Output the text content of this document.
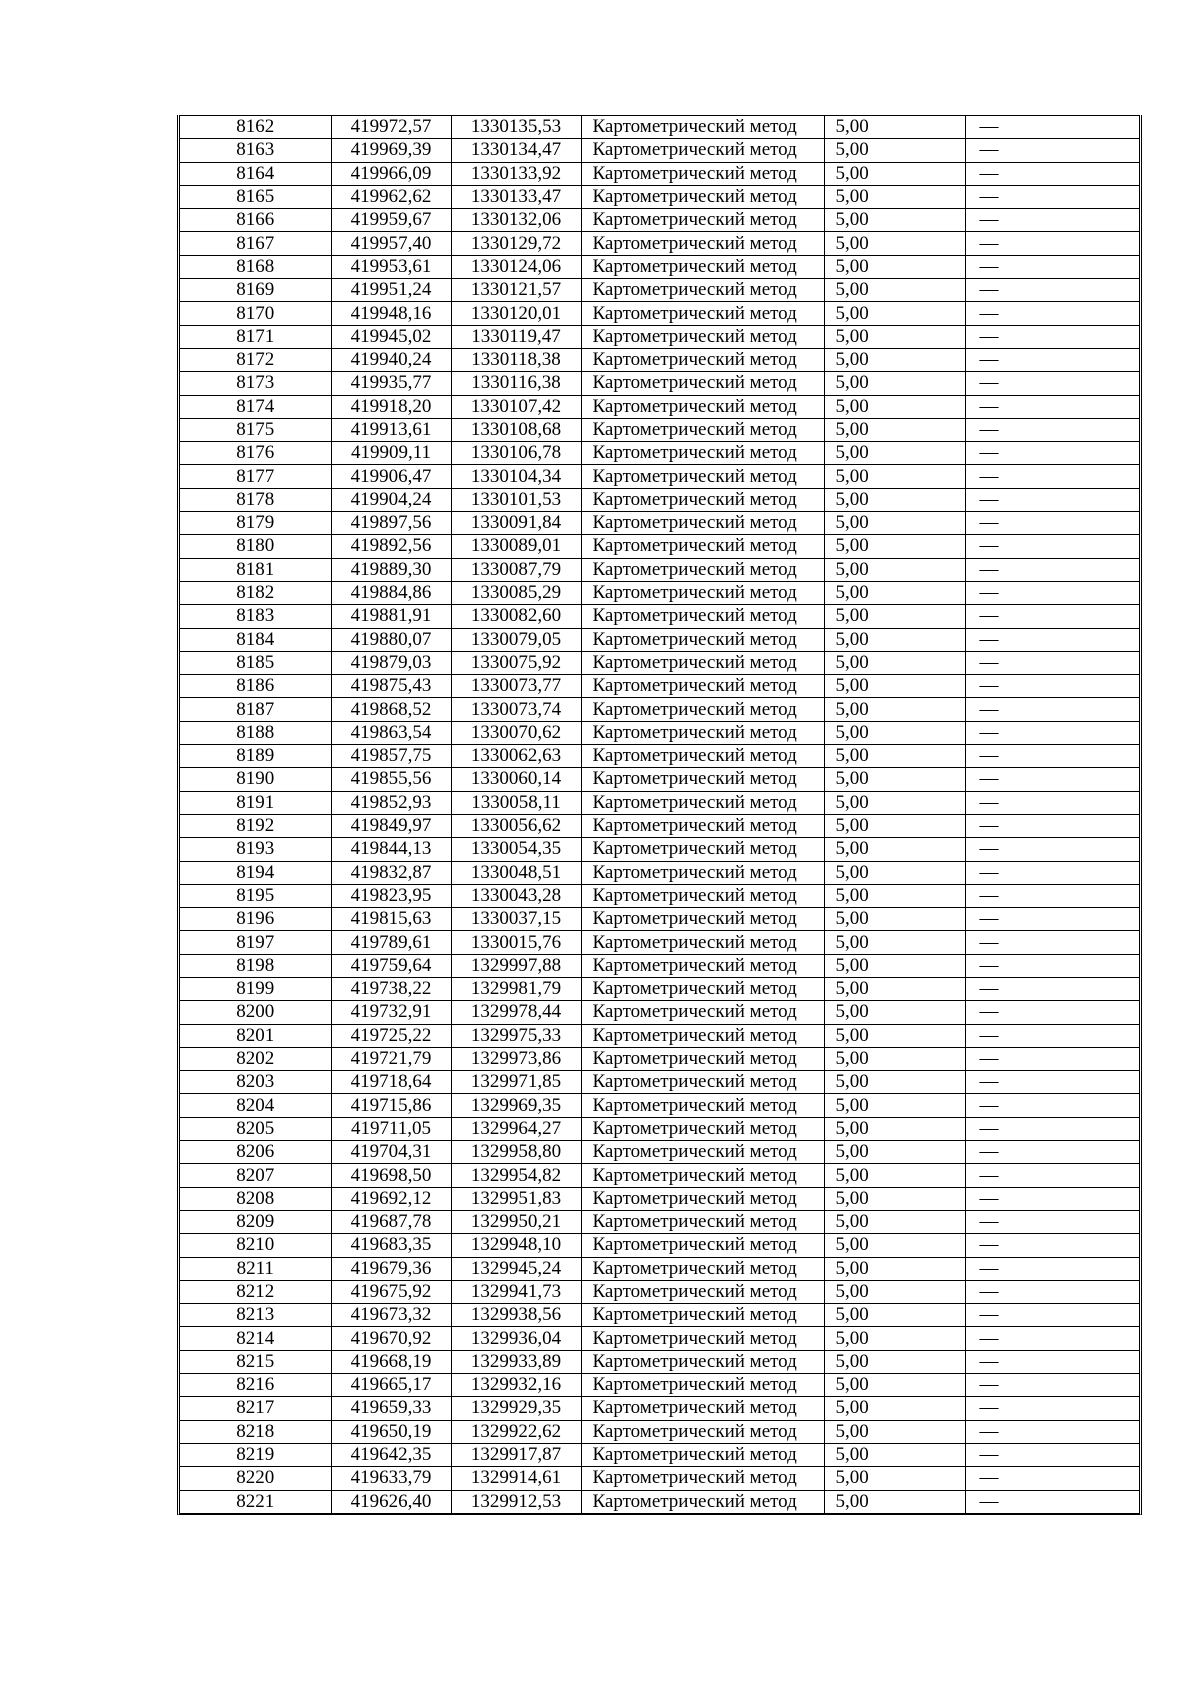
8162	419972,57	1330135,53	Картометрический метод	5,00	—
8163	419969,39	1330134,47	Картометрический метод	5,00	—
8164	419966,09	1330133,92	Картометрический метод	5,00	—
8165	419962,62	1330133,47	Картометрический метод	5,00	—
8166	419959,67	1330132,06	Картометрический метод	5,00	—
8167	419957,40	1330129,72	Картометрический метод	5,00	—
8168	419953,61	1330124,06	Картометрический метод	5,00	—
8169	419951,24	1330121,57	Картометрический метод	5,00	—
8170	419948,16	1330120,01	Картометрический метод	5,00	—
8171	419945,02	1330119,47	Картометрический метод	5,00	—
8172	419940,24	1330118,38	Картометрический метод	5,00	—
8173	419935,77	1330116,38	Картометрический метод	5,00	—
8174	419918,20	1330107,42	Картометрический метод	5,00	—
8175	419913,61	1330108,68	Картометрический метод	5,00	—
8176	419909,11	1330106,78	Картометрический метод	5,00	—
8177	419906,47	1330104,34	Картометрический метод	5,00	—
8178	419904,24	1330101,53	Картометрический метод	5,00	—
8179	419897,56	1330091,84	Картометрический метод	5,00	—
8180	419892,56	1330089,01	Картометрический метод	5,00	—
8181	419889,30	1330087,79	Картометрический метод	5,00	—
8182	419884,86	1330085,29	Картометрический метод	5,00	—
8183	419881,91	1330082,60	Картометрический метод	5,00	—
8184	419880,07	1330079,05	Картометрический метод	5,00	—
8185	419879,03	1330075,92	Картометрический метод	5,00	—
8186	419875,43	1330073,77	Картометрический метод	5,00	—
8187	419868,52	1330073,74	Картометрический метод	5,00	—
8188	419863,54	1330070,62	Картометрический метод	5,00	—
8189	419857,75	1330062,63	Картометрический метод	5,00	—
8190	419855,56	1330060,14	Картометрический метод	5,00	—
8191	419852,93	1330058,11	Картометрический метод	5,00	—
8192	419849,97	1330056,62	Картометрический метод	5,00	—
8193	419844,13	1330054,35	Картометрический метод	5,00	—
8194	419832,87	1330048,51	Картометрический метод	5,00	—
8195	419823,95	1330043,28	Картометрический метод	5,00	—
8196	419815,63	1330037,15	Картометрический метод	5,00	—
8197	419789,61	1330015,76	Картометрический метод	5,00	—
8198	419759,64	1329997,88	Картометрический метод	5,00	—
8199	419738,22	1329981,79	Картометрический метод	5,00	—
8200	419732,91	1329978,44	Картометрический метод	5,00	—
8201	419725,22	1329975,33	Картометрический метод	5,00	—
8202	419721,79	1329973,86	Картометрический метод	5,00	—
8203	419718,64	1329971,85	Картометрический метод	5,00	—
8204	419715,86	1329969,35	Картометрический метод	5,00	—
8205	419711,05	1329964,27	Картометрический метод	5,00	—
8206	419704,31	1329958,80	Картометрический метод	5,00	—
8207	419698,50	1329954,82	Картометрический метод	5,00	—
8208	419692,12	1329951,83	Картометрический метод	5,00	—
8209	419687,78	1329950,21	Картометрический метод	5,00	—
8210	419683,35	1329948,10	Картометрический метод	5,00	—
8211	419679,36	1329945,24	Картометрический метод	5,00	—
8212	419675,92	1329941,73	Картометрический метод	5,00	—
8213	419673,32	1329938,56	Картометрический метод	5,00	—
8214	419670,92	1329936,04	Картометрический метод	5,00	—
8215	419668,19	1329933,89	Картометрический метод	5,00	—
8216	419665,17	1329932,16	Картометрический метод	5,00	—
8217	419659,33	1329929,35	Картометрический метод	5,00	—
8218	419650,19	1329922,62	Картометрический метод	5,00	—
8219	419642,35	1329917,87	Картометрический метод	5,00	—
8220	419633,79	1329914,61	Картометрический метод	5,00	—
8221	419626,40	1329912,53	Картометрический метод	5,00	—
